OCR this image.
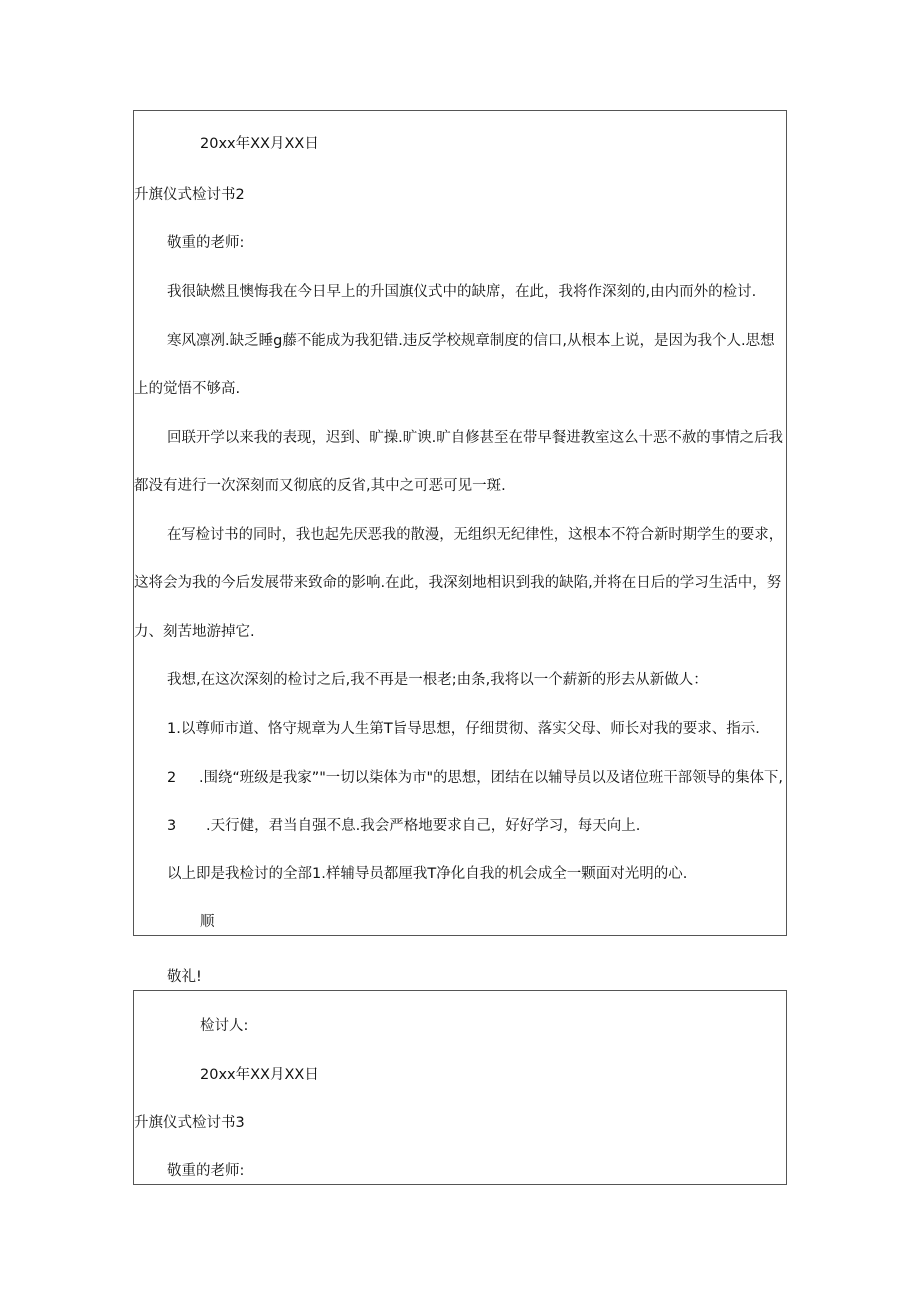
20xx年XX月XX日
升旗仪式检讨书2
敬重的老师:
我很缺燃且懊悔我在今日早上的升国旗仪式中的缺席，在此，我将作深刻的,由内而外的检讨.
寒风凛冽.缺乏睡g藤不能成为我犯错.违反学校规章制度的信口,从根本上说，是因为我个人.思想
上的觉悟不够高.
回联开学以来我的表现，迟到、旷操.旷谀.旷自修甚至在带早餐进教室这么十恶不赦的事情之后我
都没有进行一次深刻而又彻底的反省,其中之可恶可见一斑.
在写检讨书的同时，我也起先厌恶我的散漫，无组织无纪律性，这根本不符合新时期学生的要求，
这将会为我的今后发展带来致命的影响.在此，我深刻地相识到我的缺陷,并将在日后的学习生活中，努
力、刻苦地游掉它.
我想,在这次深刻的检讨之后,我不再是一根老;由条,我将以一个薪新的形去从新做人：
1.以尊师市道、恪守规章为人生第T旨导思想，仔细贯彻、落实父母、师长对我的要求、指示.
2 .围绕“班级是我家”"一切以柒体为市"的思想，团结在以辅导员以及诸位班干部领导的集体下,
3 .天行健，君当自强不息.我会严格地要求自己，好好学习，每天向上.
以上即是我检讨的全部1.样辅导员都厘我T净化自我的机会成全一颗面对光明的心.
顺
敬礼!
检讨人:
20xx年XX月XX日
升旗仪式检讨书3
敬重的老师:
